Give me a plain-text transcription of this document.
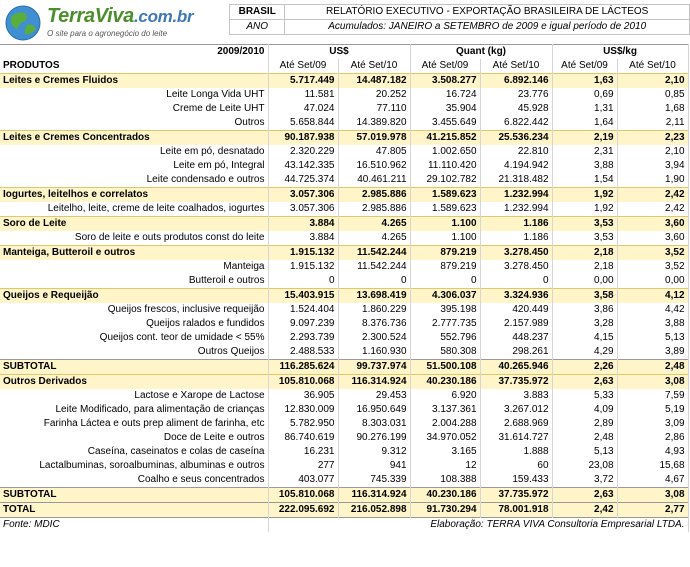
TerraViva.com.br
O site para o agronegócio do leite
BRASIL	RELATÓRIO EXECUTIVO - EXPORTAÇÃO BRASILEIRA DE LÁCTEOS
ANO	Acumulados: JANEIRO a SETEMBRO de 2009 e igual período de 2010
2009/2010	US$		Quant (kg)		US$/kg	
PRODUTOS	Até Set/09	Até Set/10	Até Set/09	Até Set/10	Até Set/09	Até Set/10
Leites e Cremes Fluidos	5.717.449	14.487.182	3.508.277	6.892.146	1,63	2,10
Leite Longa Vida UHT	11.581	20.252	16.724	23.776	0,69	0,85
Creme de Leite UHT	47.024	77.110	35.904	45.928	1,31	1,68
Outros	5.658.844	14.389.820	3.455.649	6.822.442	1,64	2,11
Leites e Cremes Concentrados	90.187.938	57.019.978	41.215.852	25.536.234	2,19	2,23
Leite em pó, desnatado	2.320.229	47.805	1.002.650	22.810	2,31	2,10
Leite em pó, Integral	43.142.335	16.510.962	11.110.420	4.194.942	3,88	3,94
Leite condensado e outros	44.725.374	40.461.211	29.102.782	21.318.482	1,54	1,90
Iogurtes, leitelhos e correlatos	3.057.306	2.985.886	1.589.623	1.232.994	1,92	2,42
Leitelho, leite, creme de leite coalhados, iogurtes	3.057.306	2.985.886	1.589.623	1.232.994	1,92	2,42
Soro de Leite	3.884	4.265	1.100	1.186	3,53	3,60
Soro de leite e outs produtos const do leite	3.884	4.265	1.100	1.186	3,53	3,60
Manteiga, Butteroil e outros	1.915.132	11.542.244	879.219	3.278.450	2,18	3,52
Manteiga	1.915.132	11.542.244	879.219	3.278.450	2,18	3,52
Butteroil e outros	0	0	0	0	0,00	0,00
Queijos e Requeijão	15.403.915	13.698.419	4.306.037	3.324.936	3,58	4,12
Queijos frescos, inclusive requeijão	1.524.404	1.860.229	395.198	420.449	3,86	4,42
Queijos ralados e fundidos	9.097.239	8.376.736	2.777.735	2.157.989	3,28	3,88
Queijos cont. teor de umidade < 55%	2.293.739	2.300.524	552.796	448.237	4,15	5,13
Outros Queijos	2.488.533	1.160.930	580.308	298.261	4,29	3,89
SUBTOTAL	116.285.624	99.737.974	51.500.108	40.265.946	2,26	2,48
Outros Derivados	105.810.068	116.314.924	40.230.186	37.735.972	2,63	3,08
Lactose e Xarope de Lactose	36.905	29.453	6.920	3.883	5,33	7,59
Leite Modificado, para alimentação de crianças	12.830.009	16.950.649	3.137.361	3.267.012	4,09	5,19
Farinha Láctea e outs prep aliment de farinha, etc	5.782.950	8.303.031	2.004.288	2.688.969	2,89	3,09
Doce de Leite e outros	86.740.619	90.276.199	34.970.052	31.614.727	2,48	2,86
Caseína, caseinatos e colas de caseína	16.231	9.312	3.165	1.888	5,13	4,93
Lactalbuminas, soroalbuminas, albuminas e outros	277	941	12	60	23,08	15,68
Coalho e seus concentrados	403.077	745.339	108.388	159.433	3,72	4,67
SUBTOTAL	105.810.068	116.314.924	40.230.186	37.735.972	2,63	3,08
TOTAL	222.095.692	216.052.898	91.730.294	78.001.918	2,42	2,77
Fonte: MDIC	Elaboração: TERRA VIVA Consultoria Empresarial LTDA.					
